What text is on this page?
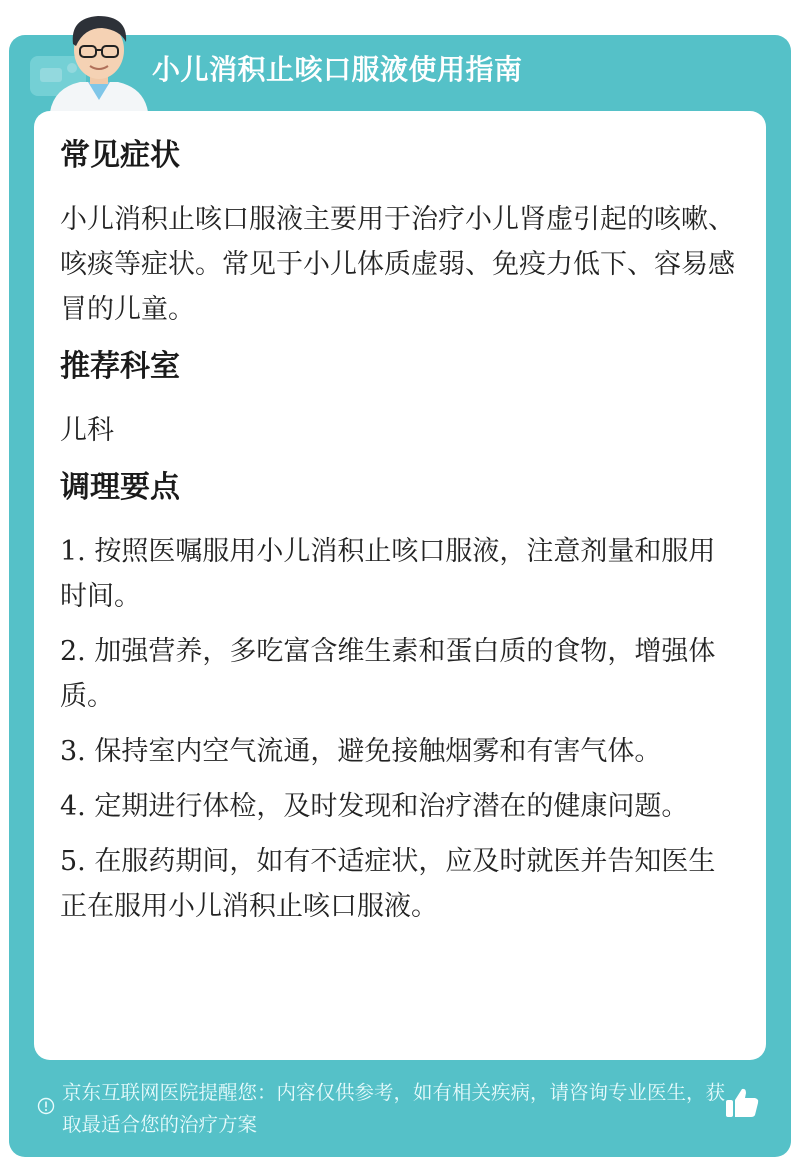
小儿消积止咳口服液使用指南
常见症状
小儿消积止咳口服液主要用于治疗小儿肾虚引起的咳嗽、咳痰等症状。常见于小儿体质虚弱、免疫力低下、容易感冒的儿童。
推荐科室
儿科
调理要点
1. 按照医嘱服用小儿消积止咳口服液，注意剂量和服用时间。
2. 加强营养，多吃富含维生素和蛋白质的食物，增强体质。
3. 保持室内空气流通，避免接触烟雾和有害气体。
4. 定期进行体检，及时发现和治疗潜在的健康问题。
5. 在服药期间，如有不适症状，应及时就医并告知医生正在服用小儿消积止咳口服液。
京东互联网医院提醒您：内容仅供参考，如有相关疾病，请咨询专业医生，获取最适合您的治疗方案
